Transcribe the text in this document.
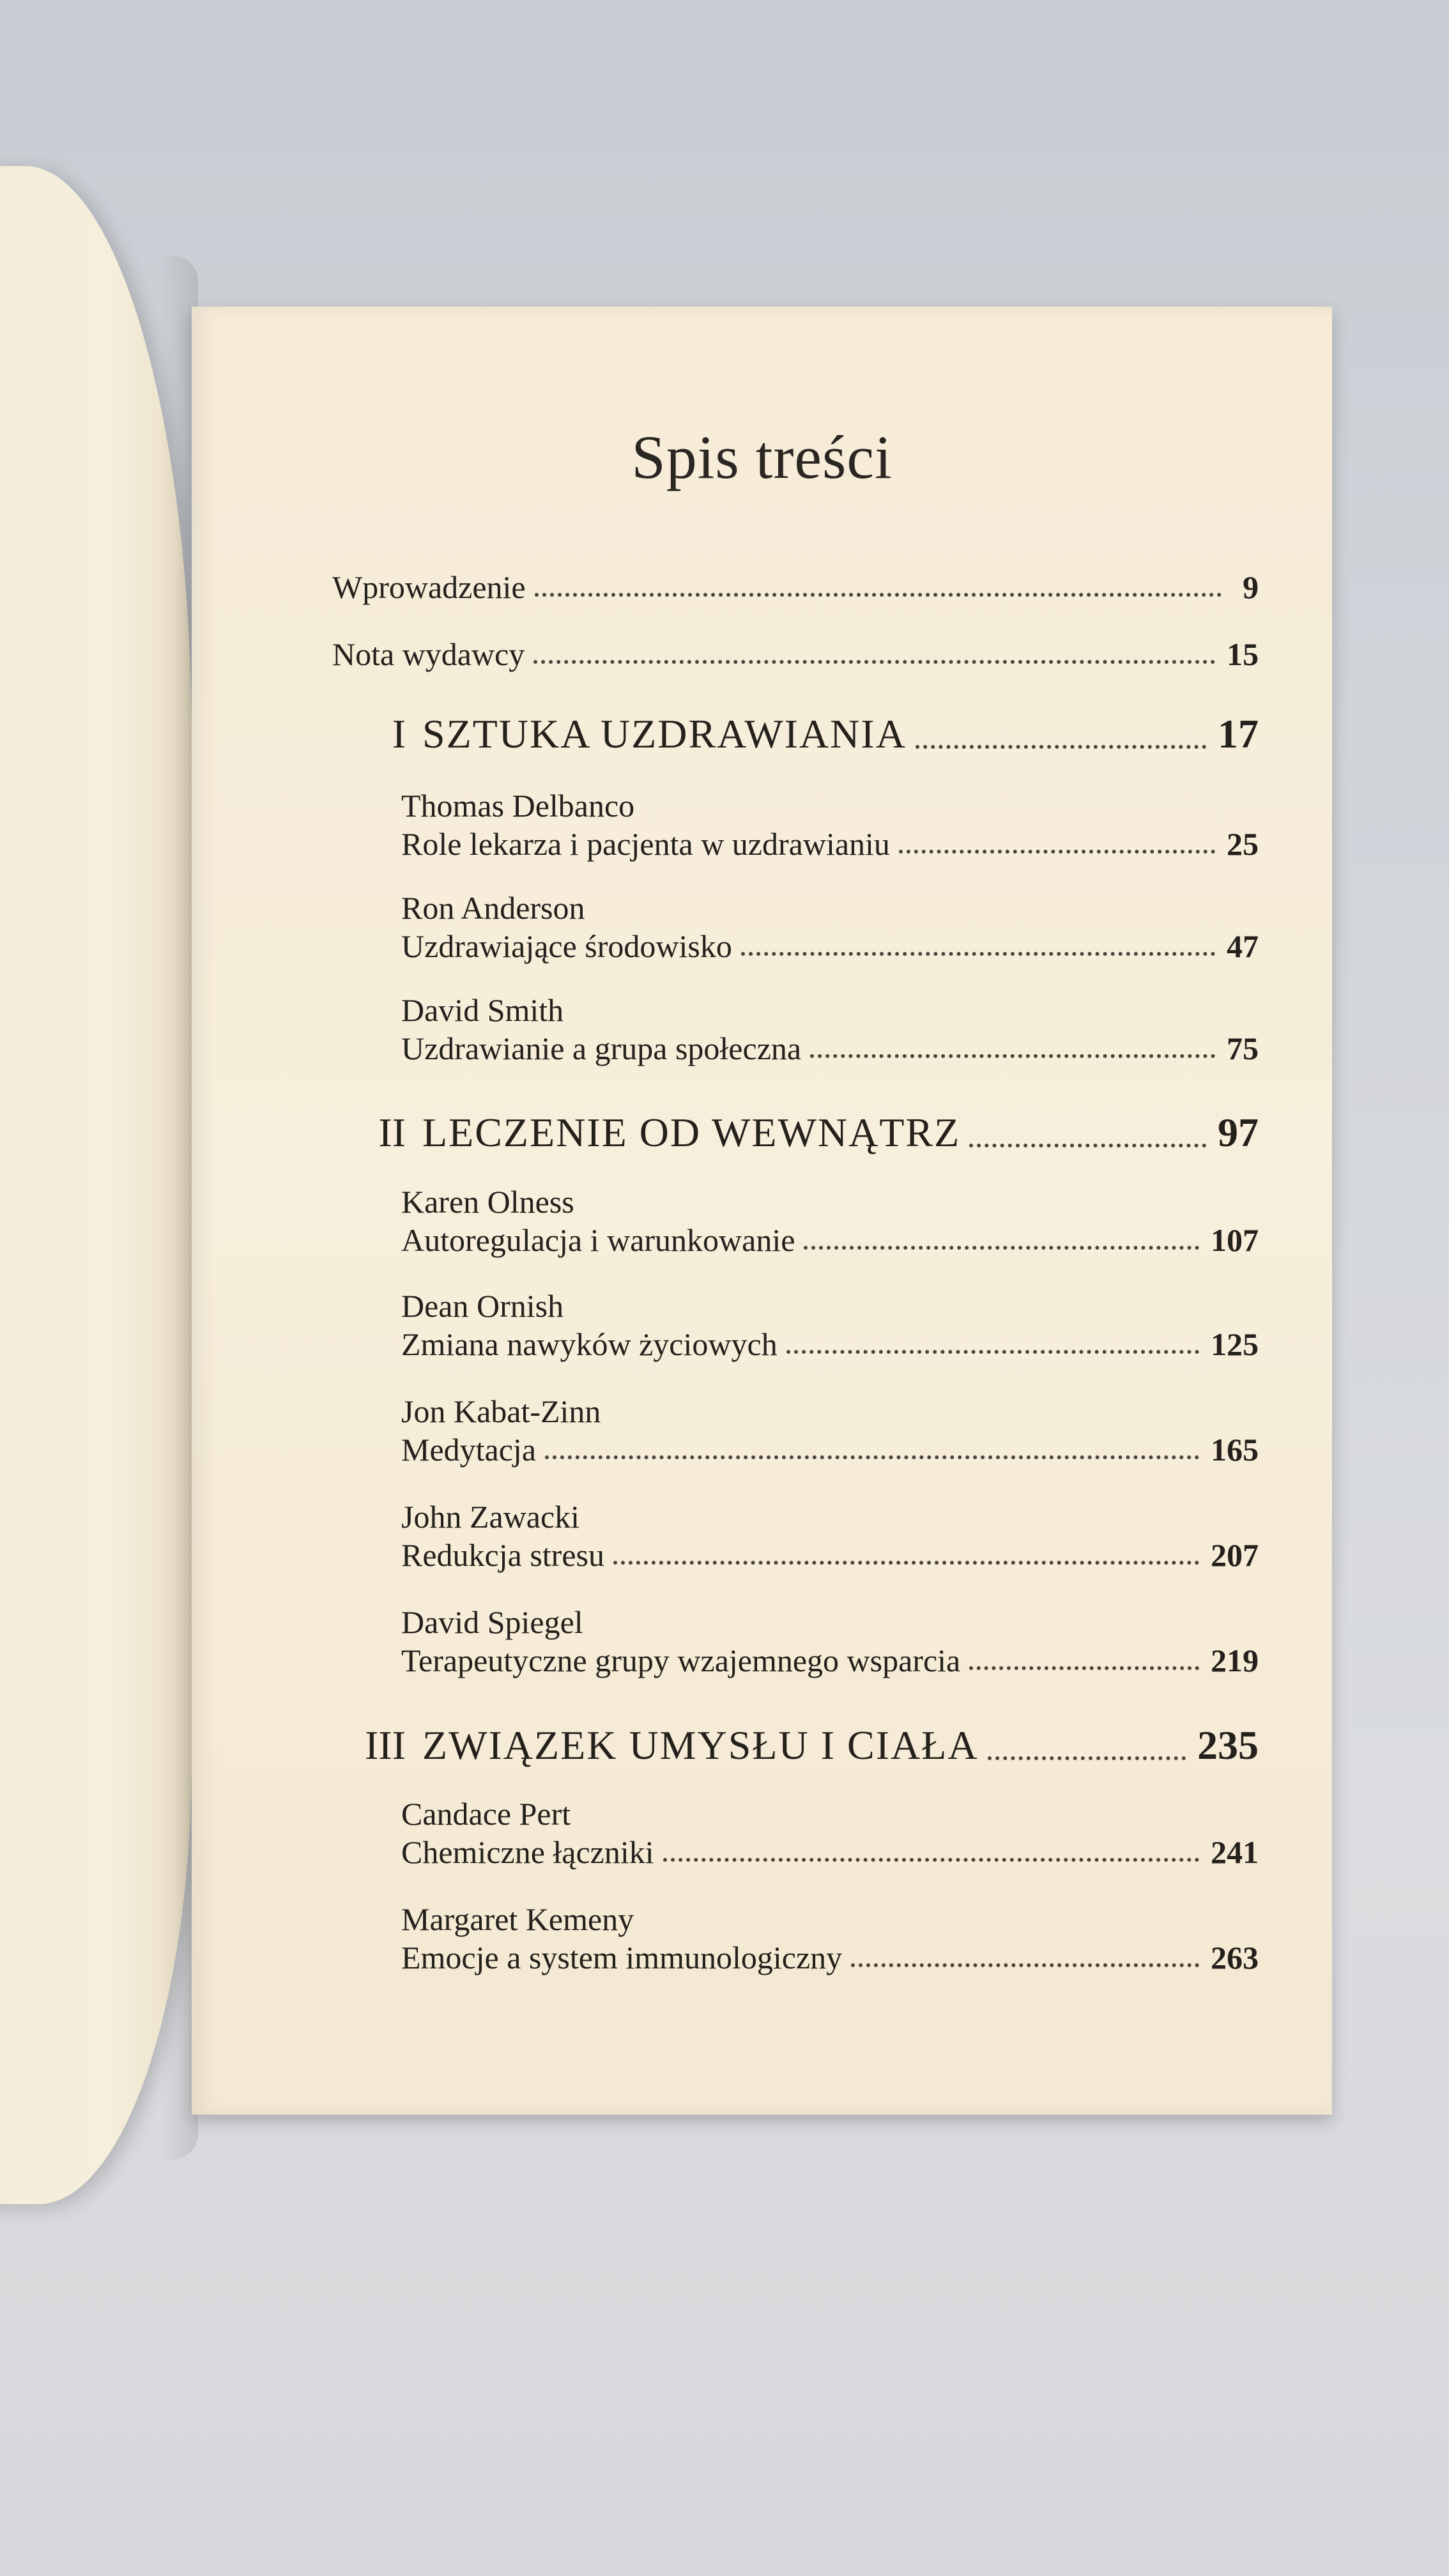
Spis treści
Wprowadzenie	9
Nota wydawcy	15
I SZTUKA UZDRAWIANIA	17
Thomas Delbanco
Role lekarza i pacjenta w uzdrawianiu	25
Ron Anderson
Uzdrawiające środowisko	47
David Smith
Uzdrawianie a grupa społeczna	75
II LECZENIE OD WEWNĄTRZ	97
Karen Olness
Autoregulacja i warunkowanie	107
Dean Ornish
Zmiana nawyków życiowych	125
Jon Kabat-Zinn
Medytacja	165
John Zawacki
Redukcja stresu	207
David Spiegel
Terapeutyczne grupy wzajemnego wsparcia	219
III ZWIĄZEK UMYSŁU I CIAŁA	235
Candace Pert
Chemiczne łączniki	241
Margaret Kemeny
Emocje a system immunologiczny	263
